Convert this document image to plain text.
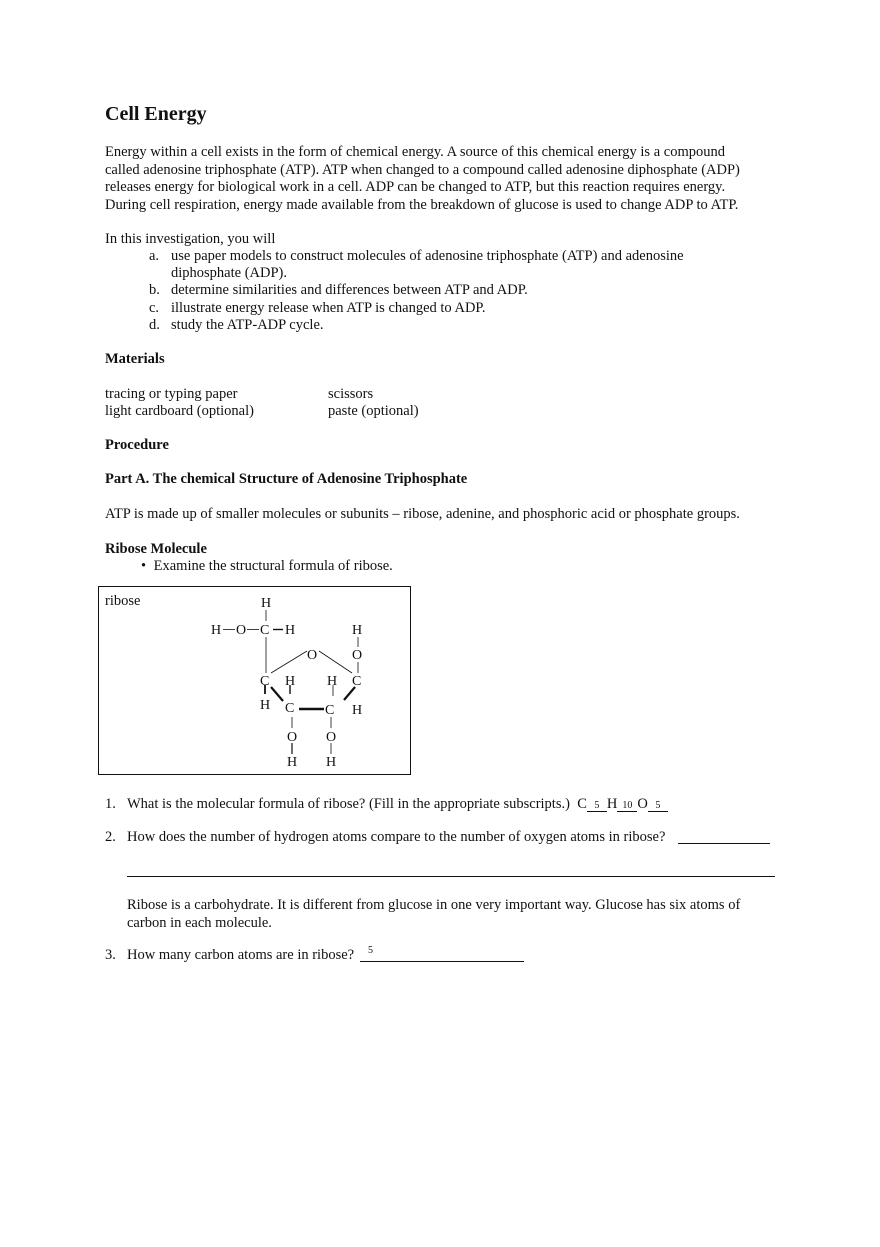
Cell Energy
Energy within a cell exists in the form of chemical energy. A source of this chemical energy is a compound
called adenosine triphosphate (ATP). ATP when changed to a compound called adenosine diphosphate (ADP)
releases energy for biological work in a cell. ADP can be changed to ATP, but this reaction requires energy.
During cell respiration, energy made available from the breakdown of glucose is used to change ADP to ATP.
In this investigation, you will
a. use paper models to construct molecules of adenosine triphosphate (ATP) and adenosine
diphosphate (ADP).
b. determine similarities and differences between ATP and ADP.
c. illustrate energy release when ATP is changed to ADP.
d. study the ATP-ADP cycle.
Materials
tracing or typing paper
light cardboard (optional)
scissors
paste (optional)
Procedure
Part A. The chemical Structure of Adenosine Triphosphate
ATP is made up of smaller molecules or subunits – ribose, adenine, and phosphoric acid or phosphate groups.
Ribose Molecule
• Examine the structural formula of ribose.
ribose	H
H O C H	H
O O
C H H C
H C C H
O O
H H
1. What is the molecular formula of ribose? (Fill in the appropriate subscripts.) C 5 H 10 O 5
2. How does the number of hydrogen atoms compare to the number of oxygen atoms in ribose?
Ribose is a carbohydrate. It is different from glucose in one very important way. Glucose has six atoms of
carbon in each molecule.
3. How many carbon atoms are in ribose? 5
